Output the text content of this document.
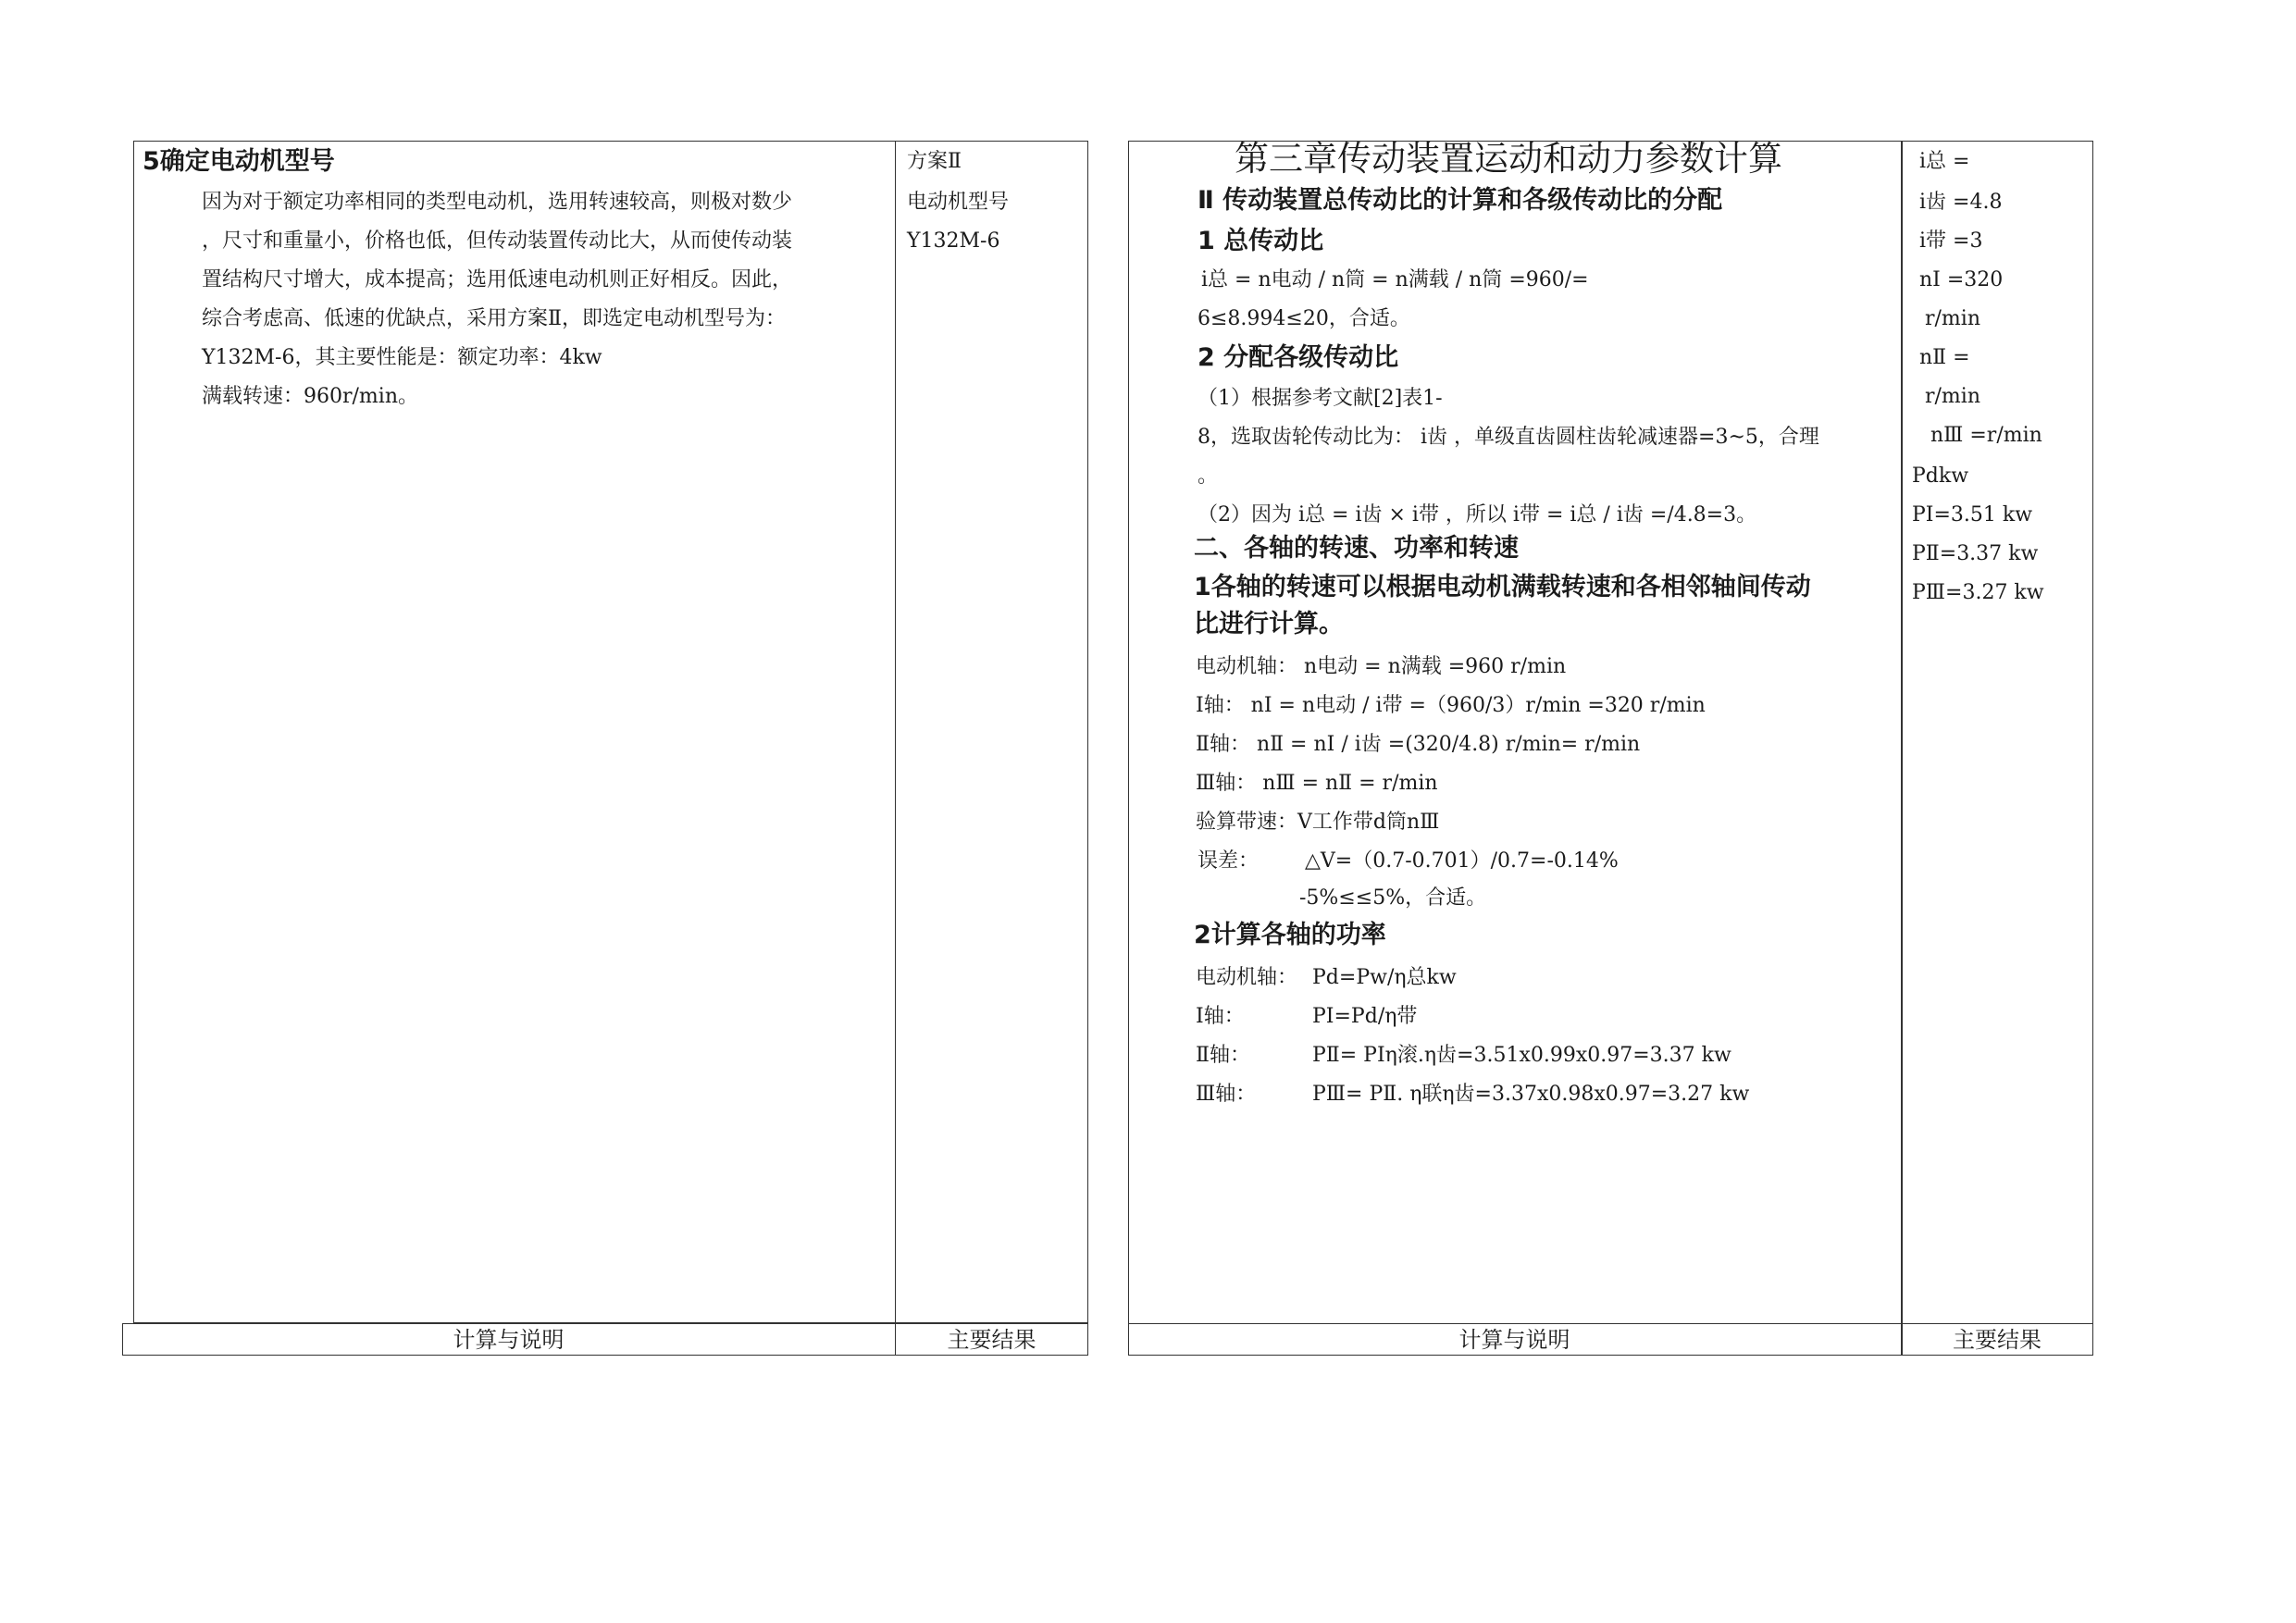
5确定电动机型号
因为对于额定功率相同的类型电动机，选用转速较高，则极对数少
，尺寸和重量小，价格也低，但传动装置传动比大，从而使传动装
置结构尺寸增大，成本提高；选用低速电动机则正好相反。因此，
综合考虑高、低速的优缺点，采用方案Ⅱ，即选定电动机型号为：
Y132M-6，其主要性能是：额定功率：4kw
满载转速：960r/min。
方案Ⅱ
电动机型号
Y132M-6
计算与说明	主要结果
第三章传动装置运动和动力参数计算
Ⅱ 传动装置总传动比的计算和各级传动比的分配
1 总传动比
i总 = n电动 / n筒 = n满载 / n筒 =960/=
6≤8.994≤20，合适。
2 分配各级传动比
（1）根据参考文献[2]表1-
8，选取齿轮传动比为： i齿 ，单级直齿圆柱齿轮减速器=3~5，合理
。
（2）因为 i总 = i齿 × i带 ，所以 i带 = i总 / i齿 =/4.8=3。
二、各轴的转速、功率和转速
1各轴的转速可以根据电动机满载转速和各相邻轴间传动
比进行计算。
电动机轴： n电动 = n满载 =960 r/min
Ⅰ轴： nⅠ = n电动 / i带 =（960/3）r/min =320 r/min
Ⅱ轴： nⅡ = nⅠ / i齿 =(320/4.8) r/min= r/min
Ⅲ轴： nⅢ = nⅡ = r/min
验算带速：V工作带d筒nⅢ
误差： △V=（0.7-0.701）/0.7=-0.14%
-5%≤≤5%，合适。
2计算各轴的功率
电动机轴： Pd=Pw/η总kw
Ⅰ轴：	PⅠ=Pd/η带
Ⅱ轴：	PⅡ= PⅠη滚.η齿=3.51x0.99x0.97=3.37 kw
Ⅲ轴：	PⅢ= PⅡ. η联η齿=3.37x0.98x0.97=3.27 kw
i总 =
i齿 =4.8
i带 =3
nⅠ =320
r/min
nⅡ =
r/min
nⅢ =r/min
Pdkw
PⅠ=3.51 kw
PⅡ=3.37 kw
PⅢ=3.27 kw
计算与说明	主要结果
